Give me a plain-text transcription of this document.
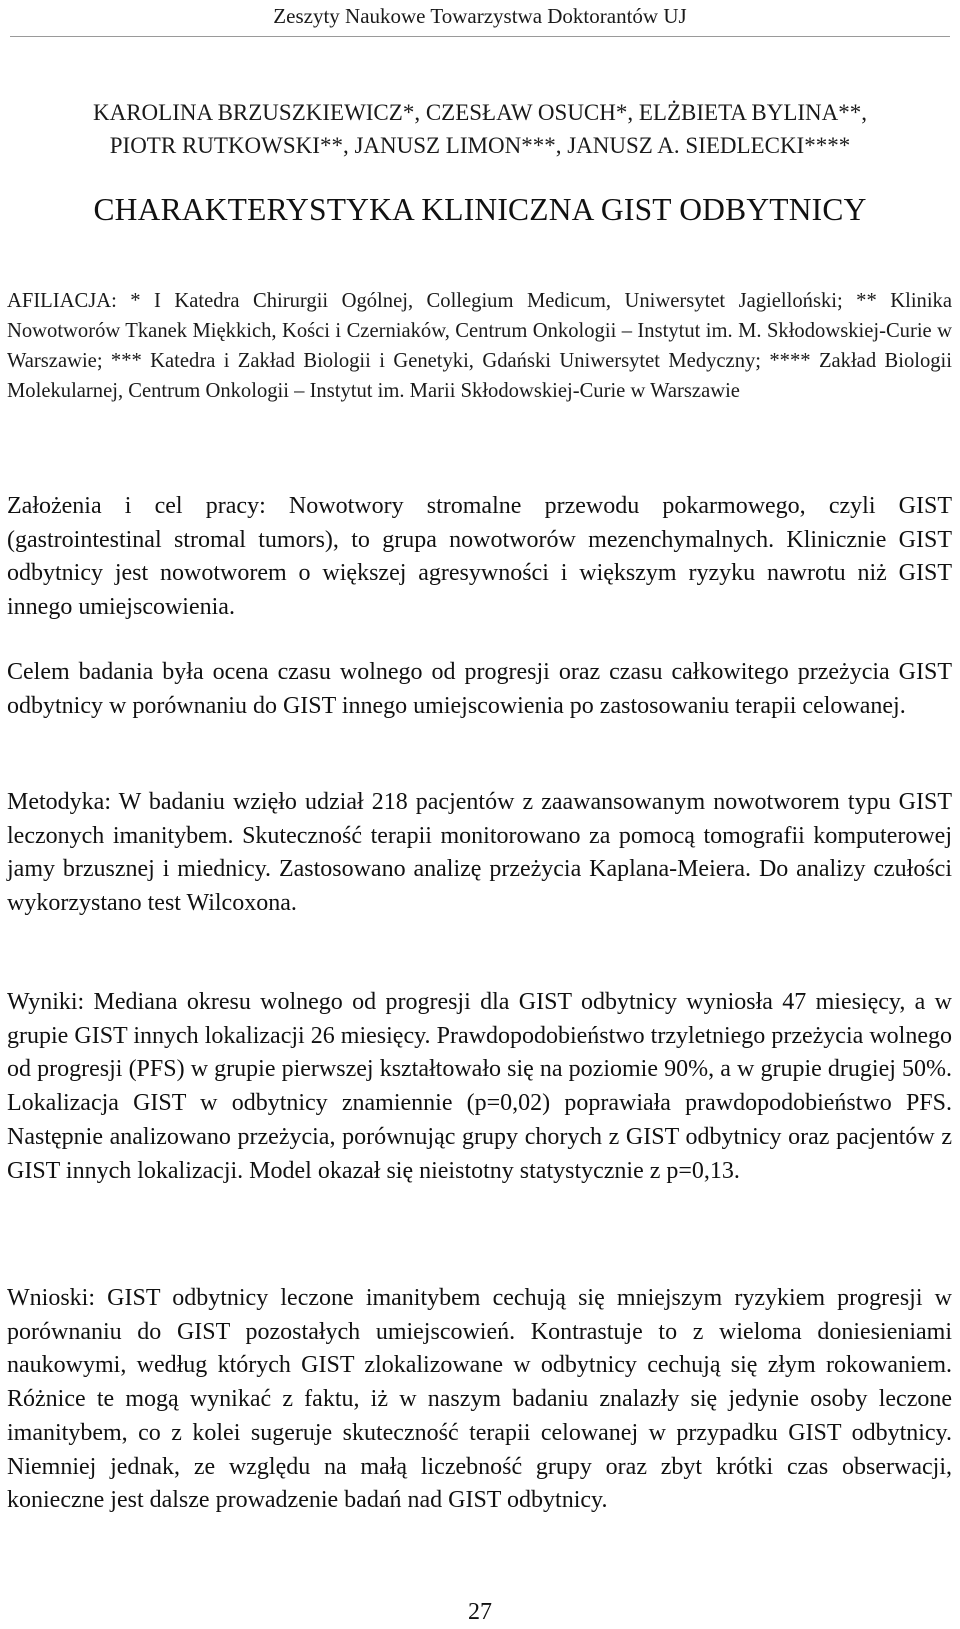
Zeszyty Naukowe Towarzystwa Doktorantów UJ
KAROLINA BRZUSZKIEWICZ*, CZESŁAW OSUCH*, ELŻBIETA BYLINA**,
PIOTR RUTKOWSKI**, JANUSZ LIMON***, JANUSZ A. SIEDLECKI****
CHARAKTERYSTYKA KLINICZNA GIST ODBYTNICY
AFILIACJA: * I Katedra Chirurgii Ogólnej, Collegium Medicum, Uniwersytet Jagielloński; ** Klinika Nowotworów Tkanek Miękkich, Kości i Czerniaków, Centrum Onkologii – Instytut im. M. Skłodowskiej-Curie w Warszawie; *** Katedra i Zakład Biologii i Genetyki, Gdański Uniwersytet Medyczny; **** Zakład Biologii Molekularnej, Centrum Onkologii – Instytut im. Marii Skłodowskiej-Curie w Warszawie
Założenia i cel pracy: Nowotwory stromalne przewodu pokarmowego, czyli GIST (gastrointestinal stromal tumors), to grupa nowotworów mezenchymalnych. Klinicznie GIST odbytnicy jest nowotworem o większej agresywności i większym ryzyku nawrotu niż GIST innego umiejscowienia.
Celem badania była ocena czasu wolnego od progresji oraz czasu całkowitego przeżycia GIST odbytnicy w porównaniu do GIST innego umiejscowienia po zastosowaniu terapii celowanej.
Metodyka: W badaniu wzięło udział 218 pacjentów z zaawansowanym nowotworem typu GIST leczonych imanitybem. Skuteczność terapii monitorowano za pomocą tomografii komputerowej jamy brzusznej i miednicy. Zastosowano analizę przeżycia Kaplana-Meiera. Do analizy czułości wykorzystano test Wilcoxona.
Wyniki: Mediana okresu wolnego od progresji dla GIST odbytnicy wyniosła 47 miesięcy, a w grupie GIST innych lokalizacji 26 miesięcy. Prawdopodobieństwo trzyletniego przeżycia wolnego od progresji (PFS) w grupie pierwszej kształtowało się na poziomie 90%, a w grupie drugiej 50%. Lokalizacja GIST w odbytnicy znamiennie (p=0,02) poprawiała prawdopodobieństwo PFS. Następnie analizowano przeżycia, porównując grupy chorych z GIST odbytnicy oraz pacjentów z GIST innych lokalizacji. Model okazał się nieistotny statystycznie z p=0,13.
Wnioski: GIST odbytnicy leczone imanitybem cechują się mniejszym ryzykiem progresji w porównaniu do GIST pozostałych umiejscowień. Kontrastuje to z wieloma doniesieniami naukowymi, według których GIST zlokalizowane w odbytnicy cechują się złym rokowaniem. Różnice te mogą wynikać z faktu, iż w naszym badaniu znalazły się jedynie osoby leczone imanitybem, co z kolei sugeruje skuteczność terapii celowanej w przypadku GIST odbytnicy. Niemniej jednak, ze względu na małą liczebność grupy oraz zbyt krótki czas obserwacji, konieczne jest dalsze prowadzenie badań nad GIST odbytnicy.
27
